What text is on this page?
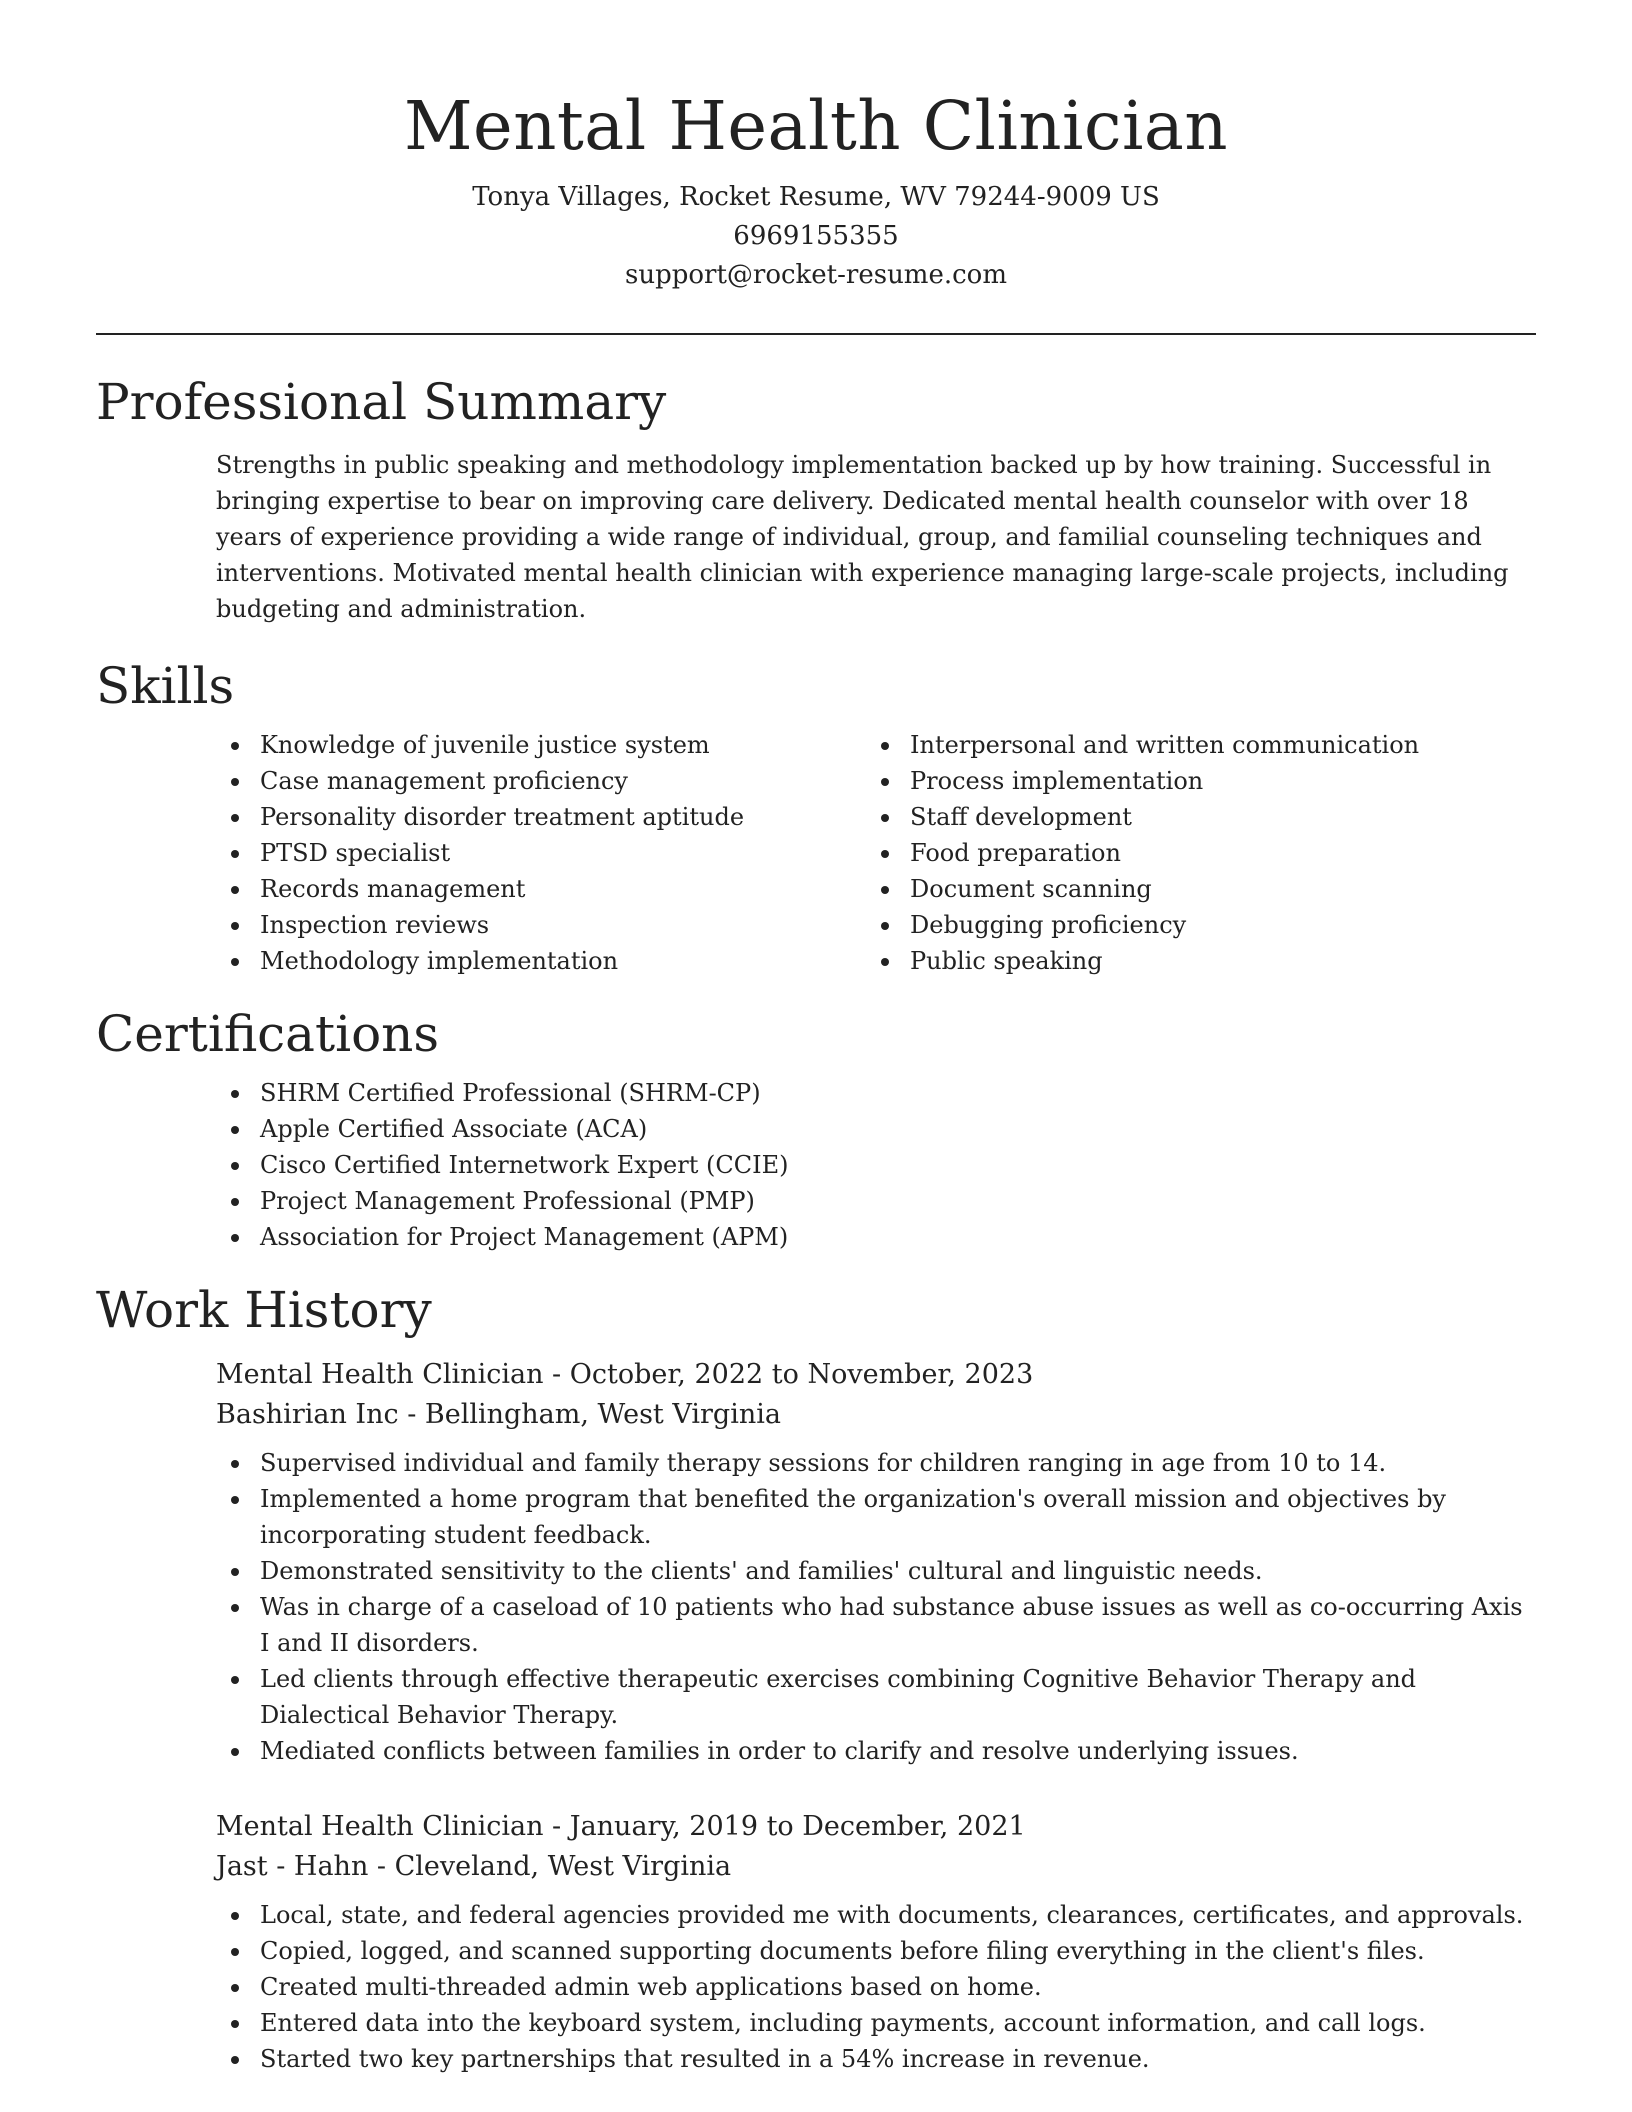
Mental Health Clinician
Tonya Villages, Rocket Resume, WV 79244-9009 US
6969155355
support@rocket-resume.com
Professional Summary

Strengths in public speaking and methodology implementation backed up by how training. Successful in bringing expertise to bear on improving care delivery. Dedicated mental health counselor with over 18 years of experience providing a wide range of individual, group, and familial counseling techniques and interventions. Motivated mental health clinician with experience managing large-scale projects, including budgeting and administration.

Skills
Knowledge of juvenile justice system
Case management proficiency
Personality disorder treatment aptitude
PTSD specialist
Records management
Inspection reviews
Methodology implementation
Interpersonal and written communication
Process implementation
Staff development
Food preparation
Document scanning
Debugging proficiency
Public speaking
Certifications
SHRM Certified Professional (SHRM-CP)
Apple Certified Associate (ACA)
Cisco Certified Internetwork Expert (CCIE)
Project Management Professional (PMP)
Association for Project Management (APM)
Work History
Mental Health Clinician - October, 2022 to November, 2023
Bashirian Inc - Bellingham, West Virginia
Supervised individual and family therapy sessions for children ranging in age from 10 to 14.
Implemented a home program that benefited the organization's overall mission and objectives by incorporating student feedback.
Demonstrated sensitivity to the clients' and families' cultural and linguistic needs.
Was in charge of a caseload of 10 patients who had substance abuse issues as well as co-occurring Axis I and II disorders.
Led clients through effective therapeutic exercises combining Cognitive Behavior Therapy and Dialectical Behavior Therapy.
Mediated conflicts between families in order to clarify and resolve underlying issues.
Mental Health Clinician - January, 2019 to December, 2021
Jast - Hahn - Cleveland, West Virginia
Local, state, and federal agencies provided me with documents, clearances, certificates, and approvals.
Copied, logged, and scanned supporting documents before filing everything in the client's files.
Created multi-threaded admin web applications based on home.
Entered data into the keyboard system, including payments, account information, and call logs.
Started two key partnerships that resulted in a 54% increase in revenue.
